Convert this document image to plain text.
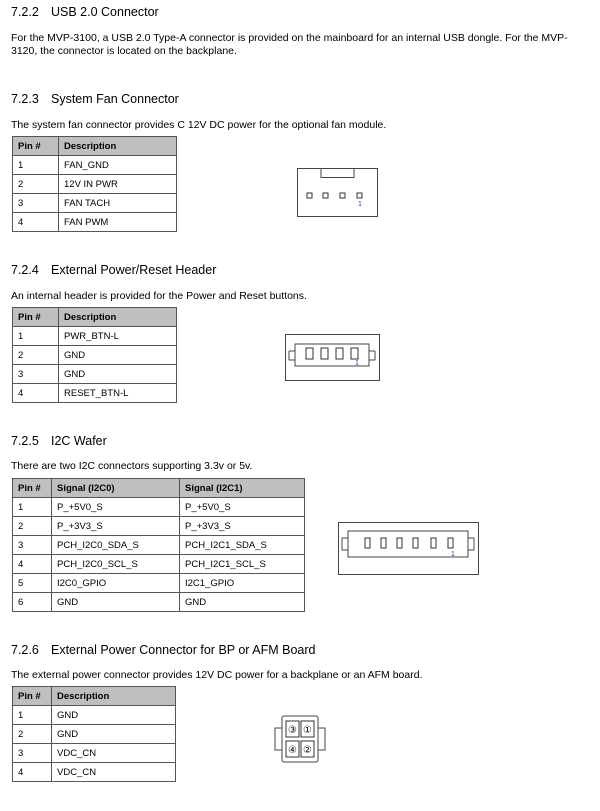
7.2.2 USB 2.0 Connector
For the MVP-3100, a USB 2.0 Type-A connector is provided on the mainboard for an internal USB dongle. For the MVP-3120, the connector is located on the backplane.
7.2.3 System Fan Connector
The system fan connector provides C 12V DC power for the optional fan module.
Pin #	Description
1	FAN_GND
2	12V IN PWR
3	FAN TACH
4	FAN PWM
1
7.2.4 External Power/Reset Header
An internal header is provided for the Power and Reset buttons.
Pin #	Description
1	PWR_BTN-L
2	GND
3	GND
4	RESET_BTN-L
1
7.2.5 I2C Wafer
There are two I2C connectors supporting 3.3v or 5v.
Pin #	Signal (I2C0)	Signal (I2C1)
1	P_+5V0_S	P_+5V0_S
2	P_+3V3_S	P_+3V3_S
3	PCH_I2C0_SDA_S	PCH_I2C1_SDA_S
4	PCH_I2C0_SCL_S	PCH_I2C1_SCL_S
5	I2C0_GPIO	I2C1_GPIO
6	GND	GND
1
7.2.6 External Power Connector for BP or AFM Board
The external power connector provides 12V DC power for a backplane or an AFM board.
Pin #	Description
1	GND
2	GND
3	VDC_CN
4	VDC_CN
③ ①
④ ②
